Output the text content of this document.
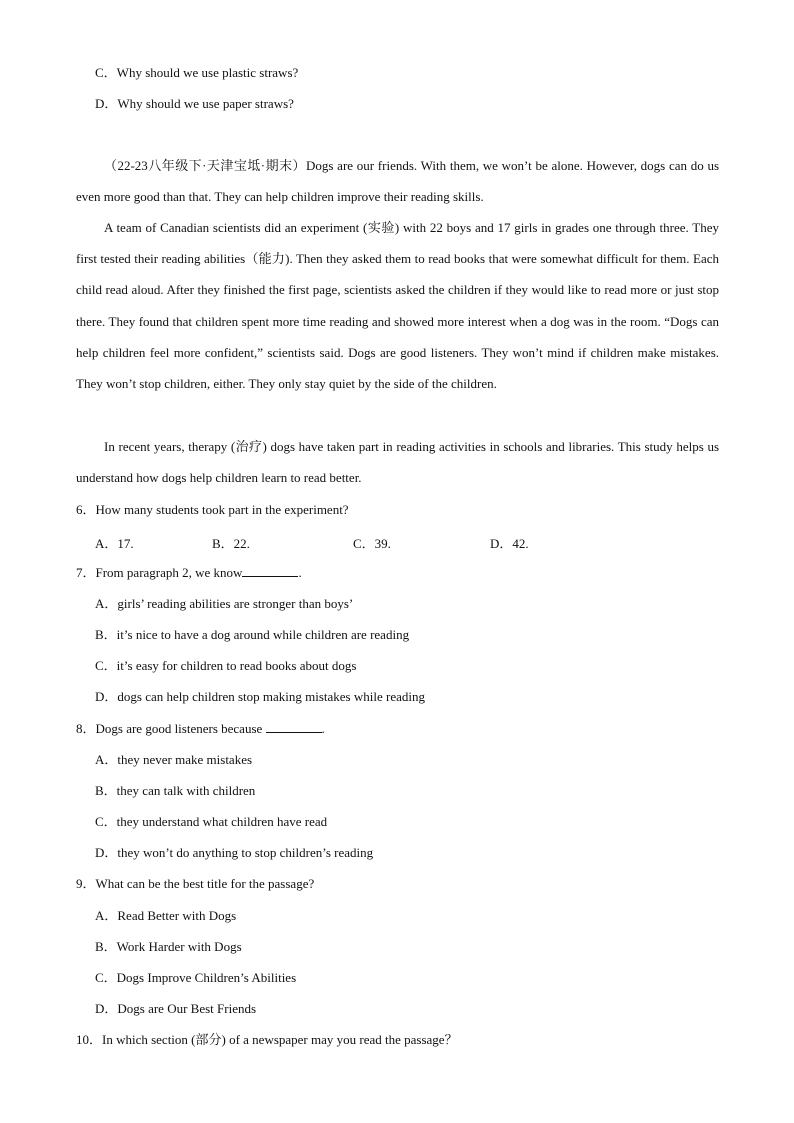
C．Why should we use plastic straws?
D．Why should we use paper straws?

（22-23八年级下·天津宝坻·期末）Dogs are our friends. With them, we won’t be alone. However, dogs can do us even more good than that. They can help children improve their reading skills.

A team of Canadian scientists did an experiment (实验) with 22 boys and 17 girls in grades one through three. They first tested their reading abilities（能力). Then they asked them to read books that were somewhat difficult for them. Each child read aloud. After they finished the first page, scientists asked the children if they would like to read more or just stop there. They found that children spent more time reading and showed more interest when a dog was in the room. “Dogs can help children feel more confident,” scientists said. Dogs are good listeners. They won’t mind if children make mistakes. They won’t stop children, either. They only stay quiet by the side of the children.

In recent years, therapy (治疗) dogs have taken part in reading activities in schools and libraries. This study helps us understand how dogs help children learn to read better.

6．How many students took part in the experiment?
A．17.	B．22.	C．39.	D．42.
7．From paragraph 2, we know	.
A．girls’ reading abilities are stronger than boys’
B．it’s nice to have a dog around while children are reading
C．it’s easy for children to read books about dogs
D．dogs can help children stop making mistakes while reading
8．Dogs are good listeners because	.
A．they never make mistakes
B．they can talk with children
C．they understand what children have read
D．they won’t do anything to stop children’s reading
9．What can be the best title for the passage?
A．Read Better with Dogs
B．Work Harder with Dogs
C．Dogs Improve Children’s Abilities
D．Dogs are Our Best Friends
10．In which section (部分) of a newspaper may you read the passage？
